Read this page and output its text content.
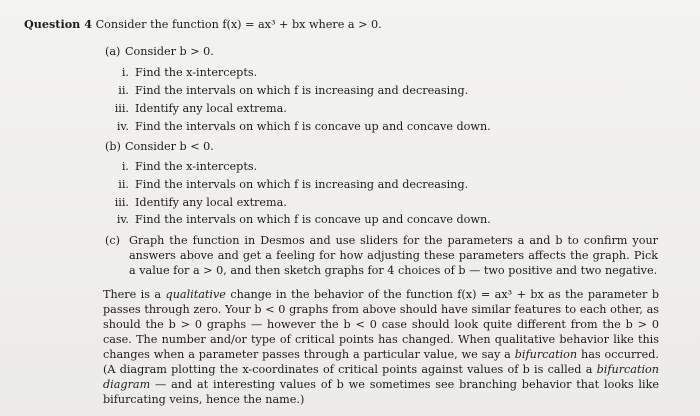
Question 4 Consider the function f(x) = ax³ + bx where a > 0.
(a) Consider b > 0.
i. Find the x-intercepts.
ii. Find the intervals on which f is increasing and decreasing.
iii. Identify any local extrema.
iv. Find the intervals on which f is concave up and concave down.
(b) Consider b < 0.
i. Find the x-intercepts.
ii. Find the intervals on which f is increasing and decreasing.
iii. Identify any local extrema.
iv. Find the intervals on which f is concave up and concave down.
(c) Graph the function in Desmos and use sliders for the parameters a and b to confirm your answers above and get a feeling for how adjusting these parameters affects the graph. Pick a value for a > 0, and then sketch graphs for 4 choices of b — two positive and two negative.
There is a qualitative change in the behavior of the function f(x) = ax³ + bx as the parameter b passes through zero. Your b < 0 graphs from above should have similar features to each other, as should the b > 0 graphs — however the b < 0 case should look quite different from the b > 0 case. The number and/or type of critical points has changed. When qualitative behavior like this changes when a parameter passes through a particular value, we say a bifurcation has occurred. (A diagram plotting the x-coordinates of critical points against values of b is called a bifurcation diagram — and at interesting values of b we sometimes see branching behavior that looks like bifurcating veins, hence the name.)
